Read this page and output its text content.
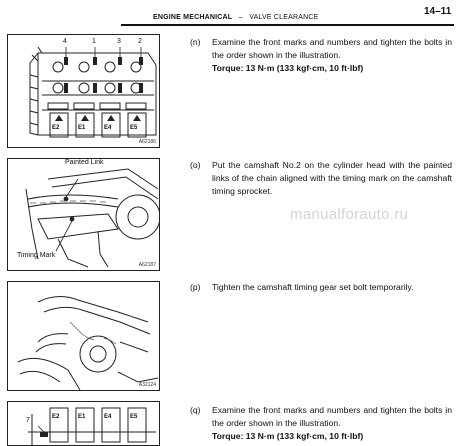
ENGINE MECHANICAL – VALVE CLEARANCE
14–11
4	1	3 2
E2	E1	E4	E5
A62186
Painted Link
Timing Mark
A62187
A32124
7	E2	E1	E4	E5
(n) Examine the front marks and numbers and tighten the bolts in the order shown in the illustration.
Torque: 13 N·m (133 kgf·cm, 10 ft·lbf)
(o) Put the camshaft No.2 on the cylinder head with the painted links of the chain aligned with the timing mark on the camshaft timing sprocket.
(p) Tighten the camshaft timing gear set bolt temporarily.
(q) Examine the front marks and numbers and tighten the bolts in the order shown in the illustration.
Torque: 13 N·m (133 kgf·cm, 10 ft·lbf)
manualforauto.ru
